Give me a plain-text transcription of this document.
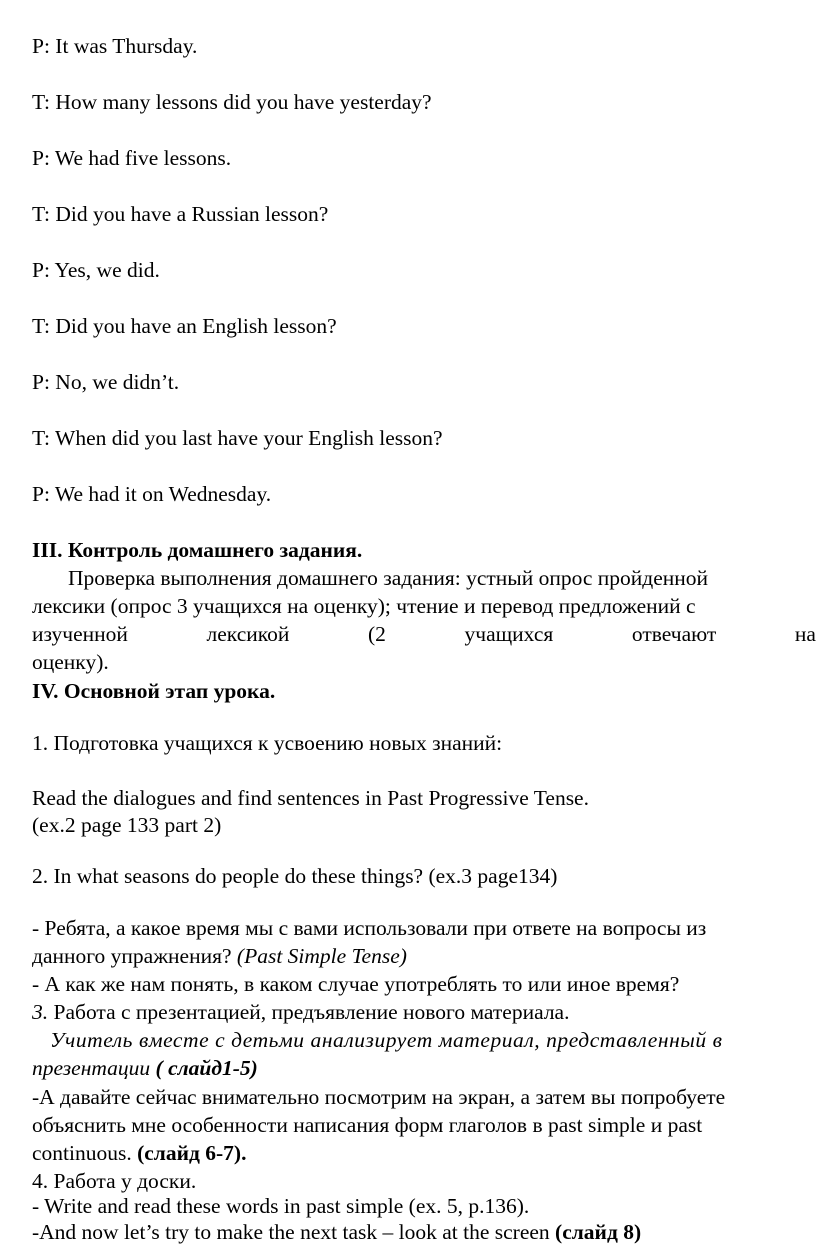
P: It was Thursday.
T: How many lessons did you have yesterday?
P: We had five lessons.
T: Did you have a Russian lesson?
P: Yes, we did.
T: Did you have an English lesson?
P: No, we didn’t.
T: When did you last have your English lesson?
P: We had it on Wednesday.
III. Контроль домашнего задания.
Проверка выполнения домашнего задания: устный опрос пройденной
лексики (опрос 3 учащихся на оценку); чтение и перевод предложений с
изученной	лексикой	(2	учащихся	отвечают	на
оценку).
IV. Основной этап урока.
1. Подготовка учащихся к усвоению новых знаний:
Read the dialogues and find sentences in Past Progressive Tense.
(ex.2 page 133 part 2)
2. In what seasons do people do these things? (ex.3 page134)
- Ребята, а какое время мы с вами использовали при ответе на вопросы из
данного упражнения? (Past Simple Tense)
- А как же нам понять, в каком случае употреблять то или иное время?
3. Работа с презентацией, предъявление нового материала.
Учитель вместе с детьми анализирует материал, представленный в
презентации ( слайд1-5)
-А давайте сейчас внимательно посмотрим на экран, а затем вы попробуете
объяснить мне особенности написания форм глаголов в past simple и past
continuous. (слайд 6-7).
4. Работа у доски.
- Write and read these words in past simple (ex. 5, p.136).
-And now let’s try to make the next task – look at the screen (слайд 8)
